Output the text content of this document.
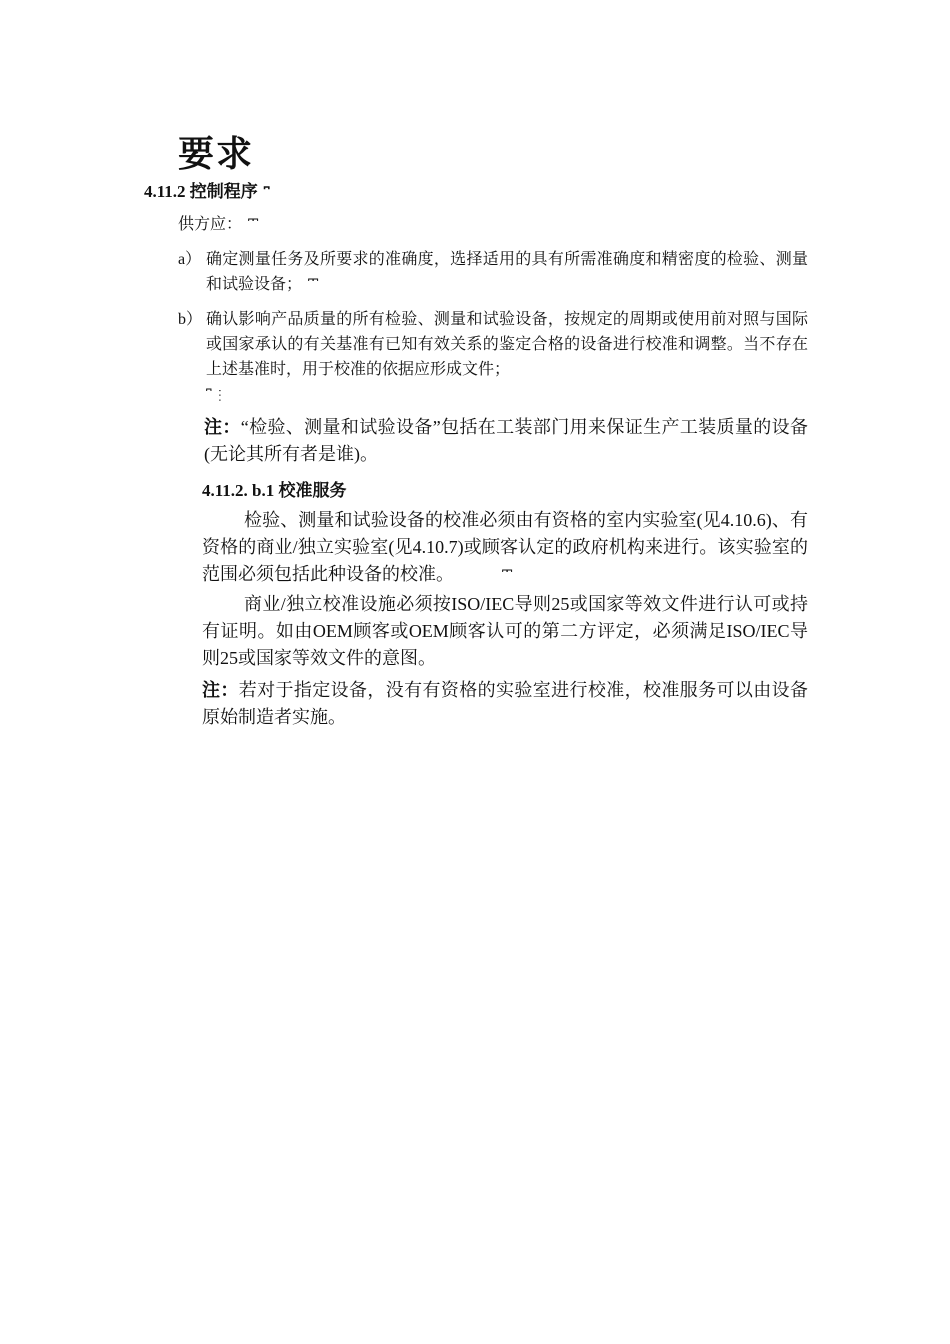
要求
4.11.2 控制程序 ⎴
供方应： ⎴⎴
a） 确定测量任务及所要求的准确度，选择适用的具有所需准确度和精密度的检验、测量和试验设备； ⎴⎴
b） 确认影响产品质量的所有检验、测量和试验设备，按规定的周期或使用前对照与国际或国家承认的有关基准有已知有效关系的鉴定合格的设备进行校准和调整。当不存在上述基准时，用于校准的依据应形成文件；
⎴ ⋮
注：“检验、测量和试验设备”包括在工装部门用来保证生产工装质量的设备(无论其所有者是谁)。
4.11.2. b.1 校准服务
检验、测量和试验设备的校准必须由有资格的室内实验室(见4.10.6)、有资格的商业/独立实验室(见4.10.7)或顾客认定的政府机构来进行。该实验室的范围必须包括此种设备的校准。	⎴⎴
商业/独立校准设施必须按ISO/IEC导则25或国家等效文件进行认可或持有证明。如由OEM顾客或OEM顾客认可的第二方评定，必须满足ISO/IEC导则25或国家等效文件的意图。
注：若对于指定设备，没有有资格的实验室进行校准，校准服务可以由设备原始制造者实施。
